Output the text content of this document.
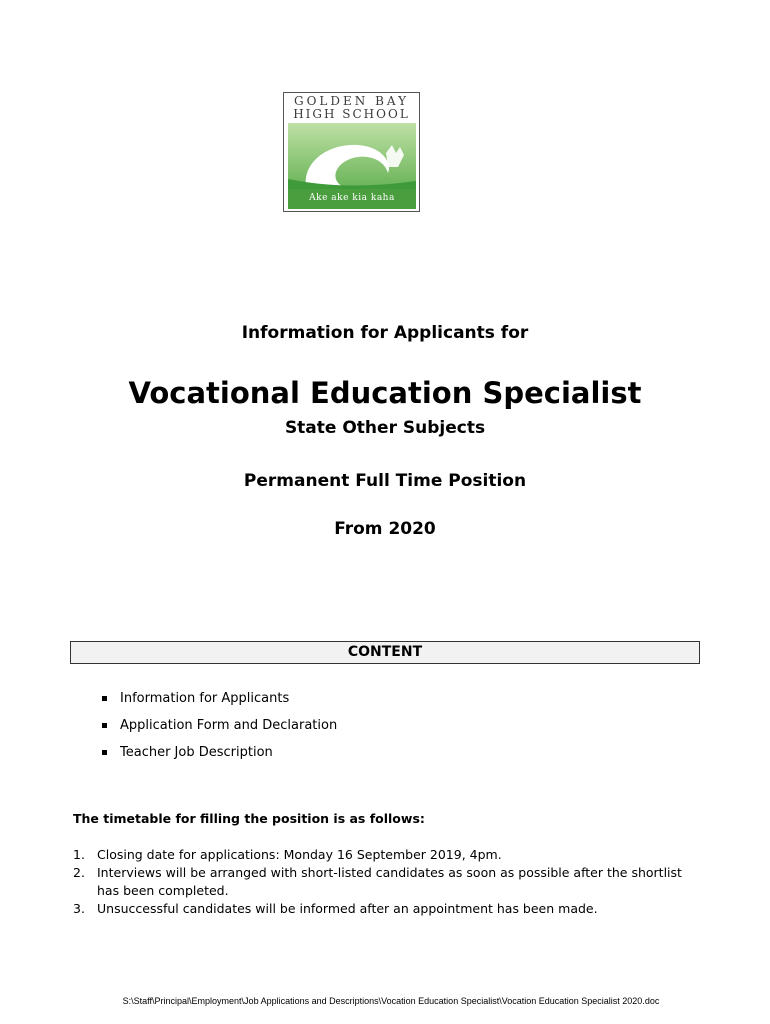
GOLDEN BAY
HIGH SCHOOL
Ake ake kia kaha
Information for Applicants for
Vocational Education Specialist
State Other Subjects
Permanent Full Time Position
From 2020
CONTENT
Information for Applicants
Application Form and Declaration
Teacher Job Description
The timetable for filling the position is as follows:
1. Closing date for applications: Monday 16 September 2019, 4pm.
2. Interviews will be arranged with short-listed candidates as soon as possible after the shortlist has been completed.
3. Unsuccessful candidates will be informed after an appointment has been made.
S:\Staff\Principal\Employment\Job Applications and Descriptions\Vocation Education Specialist\Vocation Education Specialist 2020.doc
